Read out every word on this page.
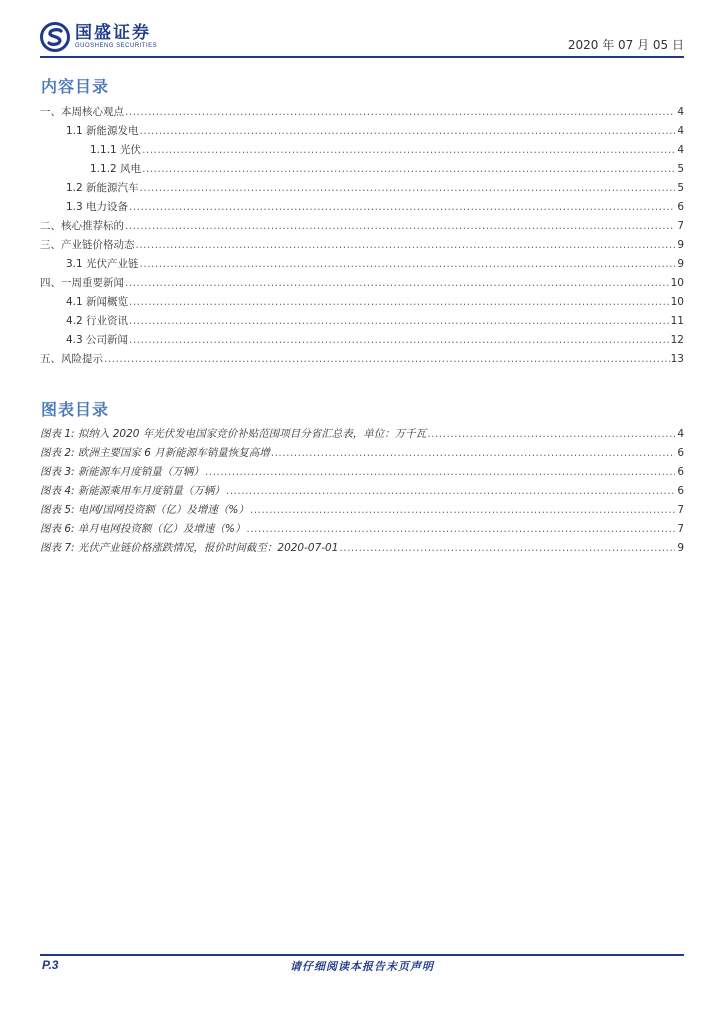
国盛证券
GUOSHENG SECURITIES	2020 年 07 月 05 日
内容目录
一、本周核心观点 .....	4
1.1 新能源发电 .....	4
1.1.1 光伏 .....	4
1.1.2 风电 .....	5
1.2 新能源汽车 .....	5
1.3 电力设备 .....	6
二、核心推荐标的 .....	7
三、产业链价格动态 .....	9
3.1 光伏产业链 .....	9
四、一周重要新闻 .....	10
4.1 新闻概览 .....	10
4.2 行业资讯 .....	11
4.3 公司新闻 .....	12
五、风险提示 .....	13
图表目录
图表 1: 拟纳入 2020 年光伏发电国家竞价补贴范围项目分省汇总表，单位：万千瓦 .....	4
图表 2: 欧洲主要国家 6 月新能源车销量恢复高增 .....	6
图表 3: 新能源车月度销量（万辆） .....	6
图表 4: 新能源乘用车月度销量（万辆） .....	6
图表 5: 电网/国网投资额（亿）及增速（%） .....	7
图表 6: 单月电网投资额（亿）及增速（%） .....	7
图表 7: 光伏产业链价格涨跌情况，报价时间截至：2020-07-01 .....	9
P.3	请仔细阅读本报告末页声明
